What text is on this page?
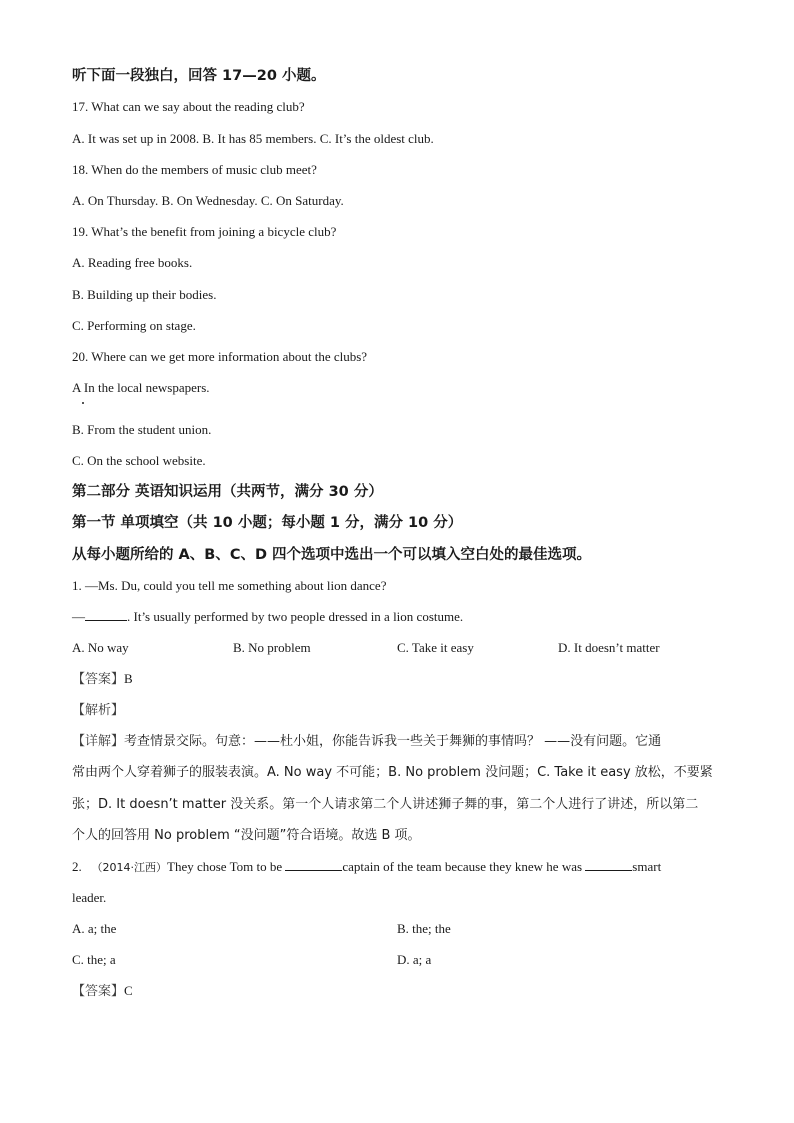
听下面一段独白，回答 17—20 小题。
17. What can we say about the reading club?
A. It was set up in 2008. B. It has 85 members. C. It’s the oldest club.
18. When do the members of music club meet?
A. On Thursday. B. On Wednesday. C. On Saturday.
19. What’s the benefit from joining a bicycle club?
A. Reading free books.
B. Building up their bodies.
C. Performing on stage.
20. Where can we get more information about the clubs?
A In the local newspapers.
B. From the student union.
C. On the school website.
第二部分 英语知识运用（共两节，满分 30 分）
第一节 单项填空（共 10 小题；每小题 1 分，满分 10 分）
从每小题所给的 A、B、C、D 四个选项中选出一个可以填入空白处的最佳选项。
1. —Ms. Du, could you tell me something about lion dance?
—	. It’s usually performed by two people dressed in a lion costume.
A. No way	B. No problem	C. Take it easy	D. It doesn’t matter
【答案】B
【解析】
【详解】考查情景交际。句意：——杜小姐，你能告诉我一些关于舞狮的事情吗？ ——没有问题。它通
常由两个人穿着狮子的服装表演。A. No way 不可能；B. No problem 没问题；C. Take it easy 放松，不要紧
张；D. It doesn’t matter 没关系。第一个人请求第二个人讲述狮子舞的事，第二个人进行了讲述，所以第二
个人的回答用 No problem “没问题”符合语境。故选 B 项。
2. （2014·江西）They chose Tom to be	captain of the team because they knew he was	smart
leader.
A. a; the	B. the; the
C. the; a	D. a; a
【答案】C
